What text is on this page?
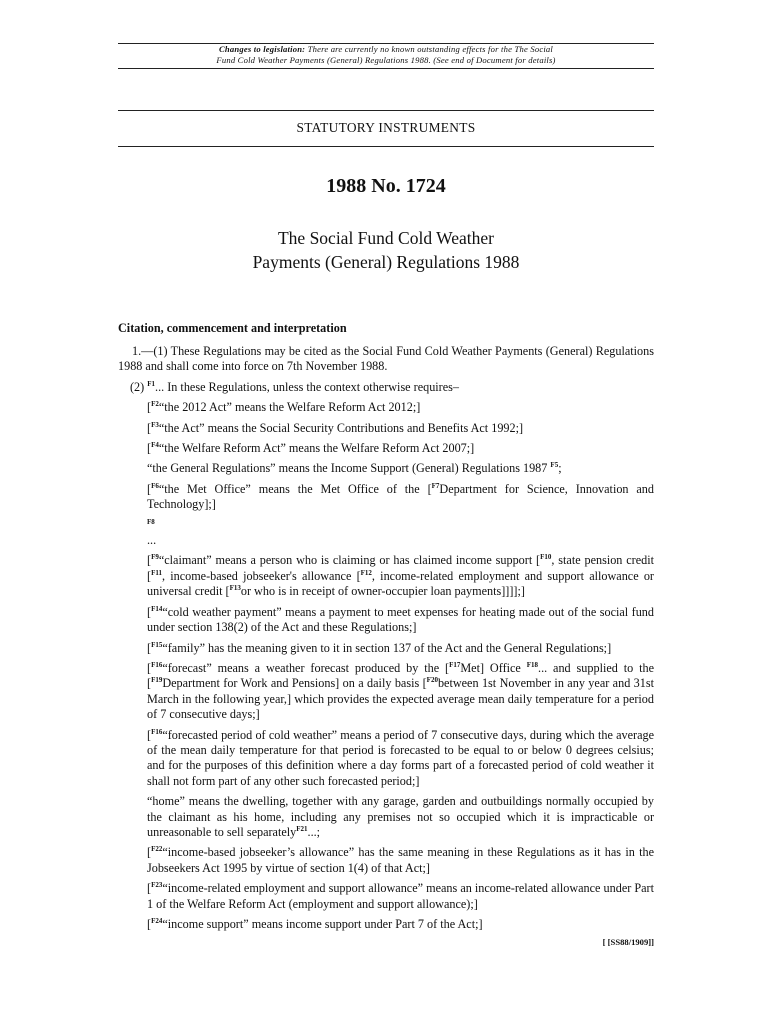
Changes to legislation: There are currently no known outstanding effects for the The Social
Fund Cold Weather Payments (General) Regulations 1988. (See end of Document for details)
STATUTORY INSTRUMENTS
1988 No. 1724
The Social Fund Cold Weather
Payments (General) Regulations 1988
Citation, commencement and interpretation

1.—(1) These Regulations may be cited as the Social Fund Cold Weather Payments (General) Regulations 1988 and shall come into force on 7th November 1988.

(2) $^{F1}$... In these Regulations, unless the context otherwise requires–

[$^{F2}$“the 2012 Act” means the Welfare Reform Act 2012;]

[$^{F3}$“the Act” means the Social Security Contributions and Benefits Act 1992;]

[$^{F4}$“the Welfare Reform Act” means the Welfare Reform Act 2007;]

“the General Regulations” means the Income Support (General) Regulations 1987 $^{F5}$;

[$^{F6}$“the Met Office” means the Met Office of the [$^{F7}$Department for Science, Innovation and Technology];]

$^{F8}$
...

[$^{F9}$“claimant” means a person who is claiming or has claimed income support [$^{F10}$, state pension credit [$^{F11}$, income-based jobseeker's allowance [$^{F12}$, income-related employment and support allowance or universal credit [$^{F13}$or who is in receipt of owner-occupier loan payments]]]];]

[$^{F14}$“cold weather payment” means a payment to meet expenses for heating made out of the social fund under section 138(2) of the Act and these Regulations;]

[$^{F15}$“family” has the meaning given to it in section 137 of the Act and the General Regulations;]

[$^{F16}$“forecast” means a weather forecast produced by the [$^{F17}$Met] Office $^{F18}$... and supplied to the [$^{F19}$Department for Work and Pensions] on a daily basis [$^{F20}$between 1st November in any year and 31st March in the following year,] which provides the expected average mean daily temperature for a period of 7 consecutive days;]

[$^{F16}$“forecasted period of cold weather” means a period of 7 consecutive days, during which the average of the mean daily temperature for that period is forecasted to be equal to or below 0 degrees celsius; and for the purposes of this definition where a day forms part of a forecasted period of cold weather it shall not form part of any other such forecasted period;]

“home” means the dwelling, together with any garage, garden and outbuildings normally occupied by the claimant as his home, including any premises not so occupied which it is impracticable or unreasonable to sell separately$^{F21}$...;

[$^{F22}$“income-based jobseeker’s allowance” has the same meaning in these Regulations as it has in the Jobseekers Act 1995 by virtue of section 1(4) of that Act;]

[$^{F23}$“income-related employment and support allowance” means an income-related allowance under Part 1 of the Welfare Reform Act (employment and support allowance);]

[$^{F24}$“income support” means income support under Part 7 of the Act;]

[ [SS88/1909]]
